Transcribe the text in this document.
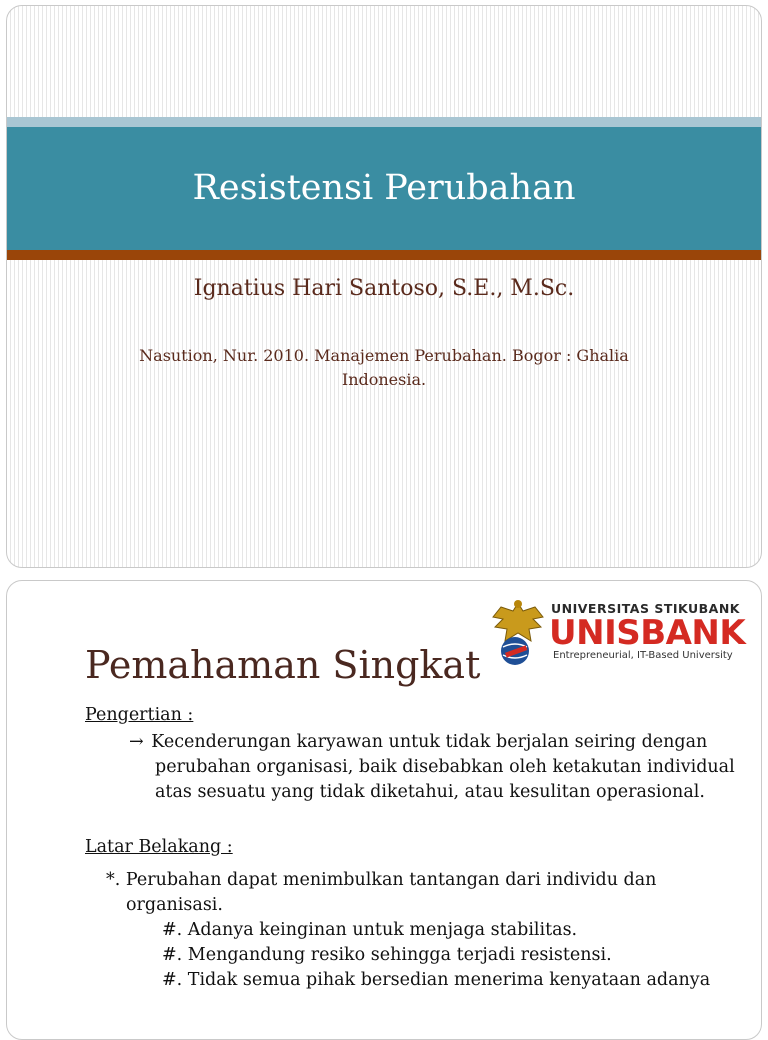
Resistensi Perubahan
Ignatius Hari Santoso, S.E., M.Sc.
Nasution, Nur. 2010. Manajemen Perubahan. Bogor : Ghalia Indonesia.
UNIVERSITAS STIKUBANK
UNISBANK
Entrepreneurial, IT-Based University
Pemahaman Singkat

Pengertian :

→ Kecenderungan karyawan untuk tidak berjalan seiring dengan perubahan organisasi, baik disebabkan oleh ketakutan individual atas sesuatu yang tidak diketahui, atau kesulitan operasional.

Latar Belakang :

*. Perubahan dapat menimbulkan tantangan dari individu dan organisasi.

#. Adanya keinginan untuk menjaga stabilitas.

#. Mengandung resiko sehingga terjadi resistensi.

#. Tidak semua pihak bersedian menerima kenyataan adanya
